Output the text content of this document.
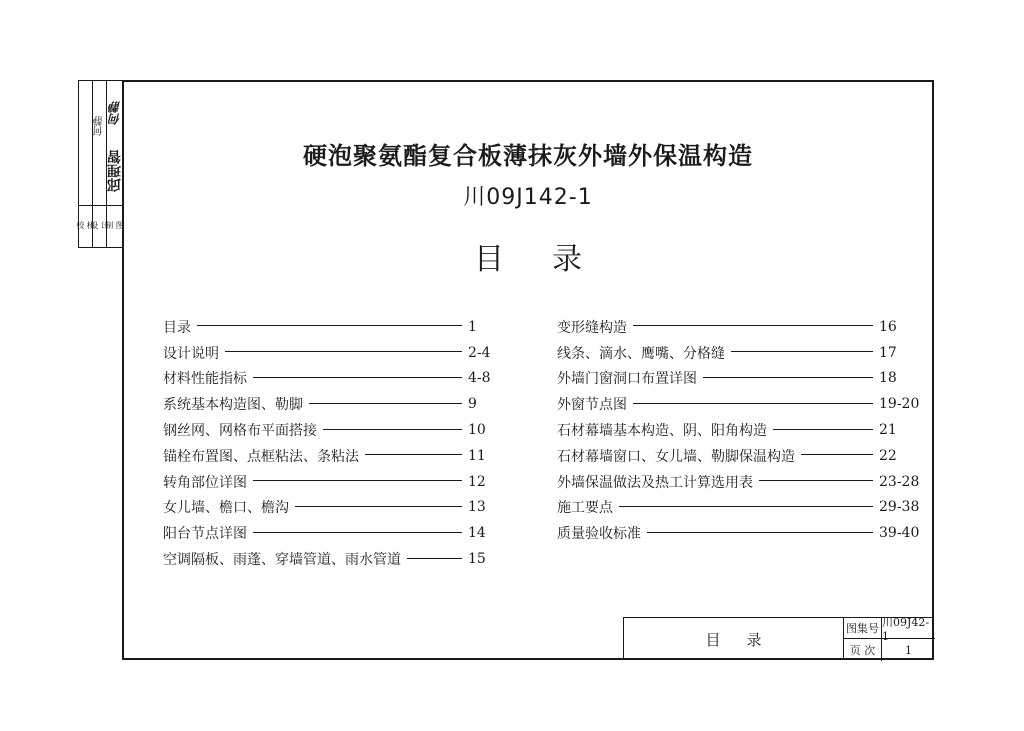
校 核
何静
设 计
何静
邱理智
制 图
硬泡聚氨酯复合板薄抹灰外墙外保温构造
川09J142-1
目录
目录	1
设计说明	2-4
材料性能指标	4-8
系统基本构造图、勒脚	9
钢丝网、网格布平面搭接	10
锚栓布置图、点框粘法、条粘法	11
转角部位详图	12
女儿墙、檐口、檐沟	13
阳台节点详图	14
空调隔板、雨蓬、穿墙管道、雨水管道	15
变形缝构造	16
线条、滴水、鹰嘴、分格缝	17
外墙门窗洞口布置详图	18
外窗节点图	19-20
石材幕墙基本构造、阴、阳角构造	21
石材幕墙窗口、女儿墙、勒脚保温构造	22
外墙保温做法及热工计算选用表	23-28
施工要点	29-38
质量验收标准	39-40
目录
图集号 川09J42-1
页 次	1
